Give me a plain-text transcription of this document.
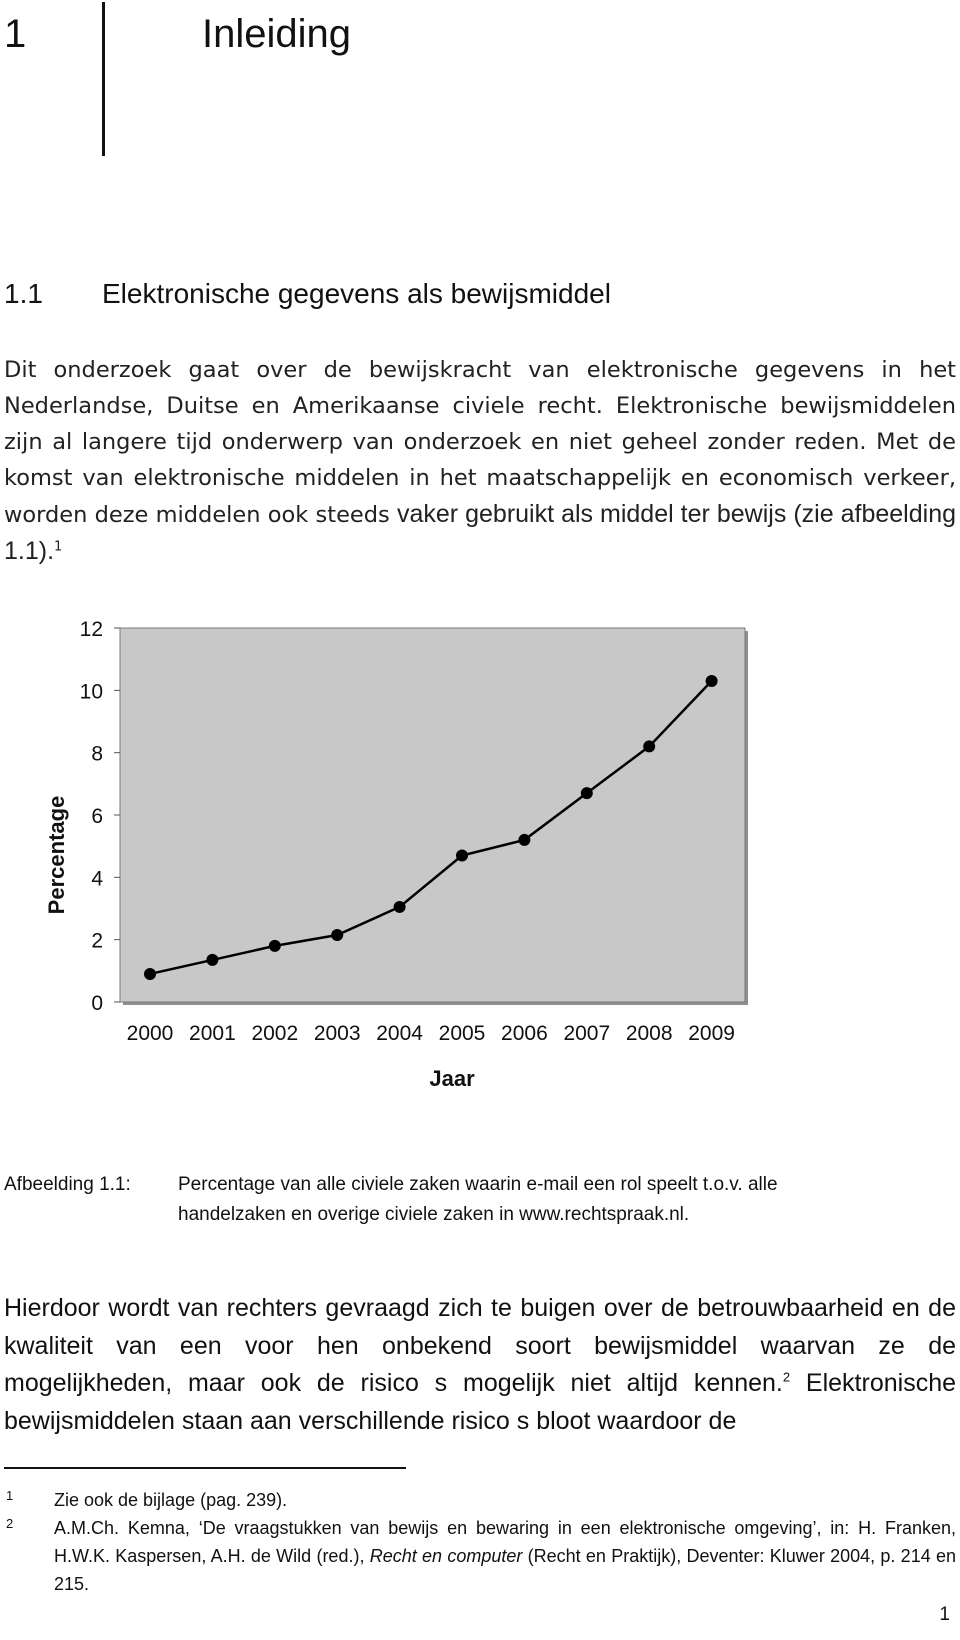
1	Inleiding
1.1 Elektronische gegevens als bewijsmiddel
Dit onderzoek gaat over de bewijskracht van elektronische gegevens in het Nederlandse, Duitse en Amerikaanse civiele recht. Elektronische bewijsmiddelen zijn al langere tijd onderwerp van onderzoek en niet geheel zonder reden. Met de komst van elektronische middelen in het maatschappelijk en economisch verkeer, worden deze middelen ook steeds vaker gebruikt als middel ter bewijs (zie afbeelding 1.1).$^1$
0
2
4
6
8
10
12
2000 2001 2002 2003 2004 2005 2006 2007 2008 2009
Percentage
Jaar
Afbeelding 1.1: Percentage van alle civiele zaken waarin e-mail een rol speelt t.o.v. alle handelzaken en overige civiele zaken in www.rechtspraak.nl.
Hierdoor wordt van rechters gevraagd zich te buigen over de betrouwbaarheid en de kwaliteit van een voor hen onbekend soort bewijsmiddel waarvan ze de mogelijkheden, maar ook de risico s mogelijk niet altijd kennen.$^2$ Elektronische bewijsmiddelen staan aan verschillende risico s bloot waardoor de
1 Zie ook de bijlage (pag. 239).
2 A.M.Ch. Kemna, ‘De vraagstukken van bewijs en bewaring in een elektronische omgeving’, in: H. Franken, H.W.K. Kaspersen, A.H. de Wild (red.), Recht en computer (Recht en Praktijk), Deventer: Kluwer 2004, p. 214 en 215.
1
